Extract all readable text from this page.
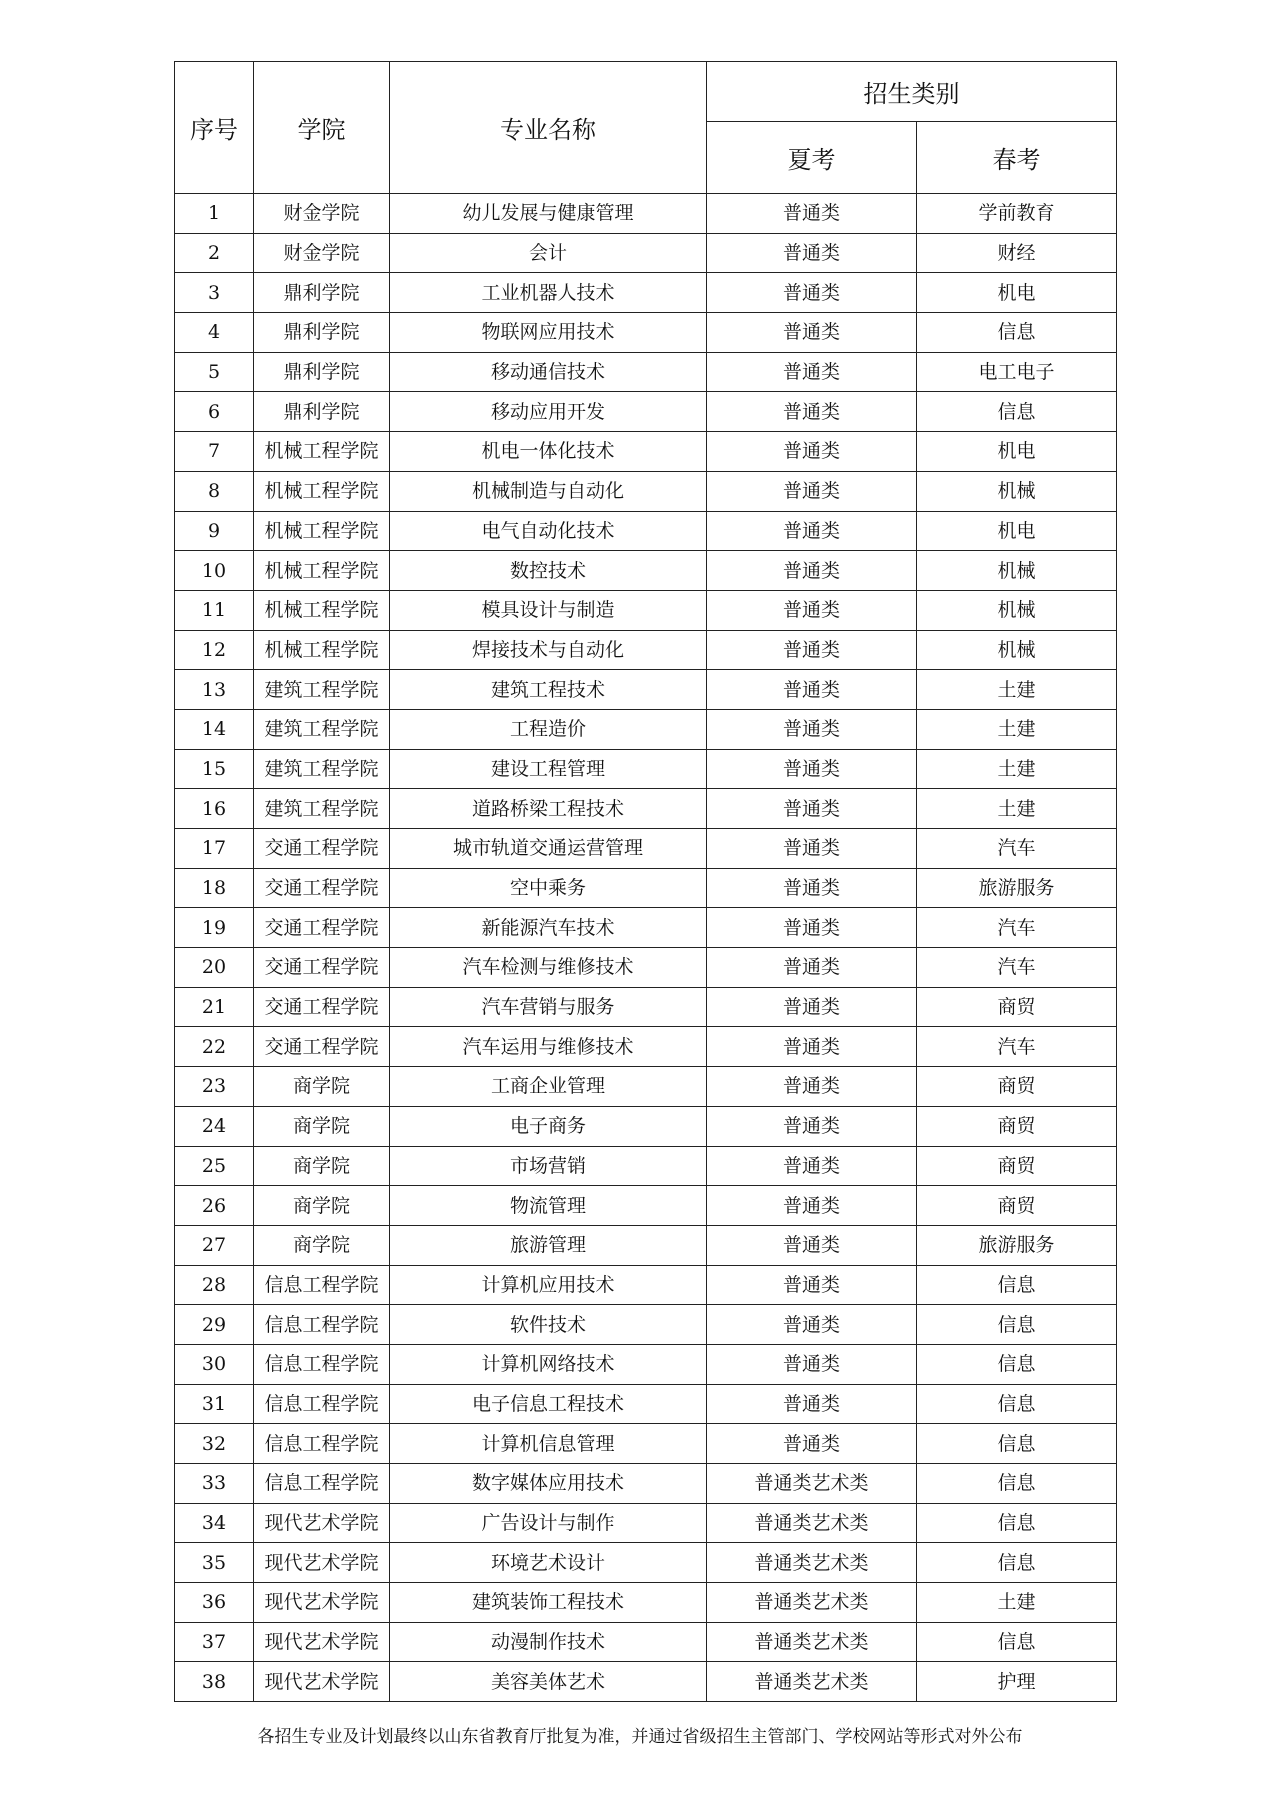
序号	学院	专业名称	招生类别	
			夏考	春考
1	财金学院	幼儿发展与健康管理	普通类	学前教育
2	财金学院	会计	普通类	财经
3	鼎利学院	工业机器人技术	普通类	机电
4	鼎利学院	物联网应用技术	普通类	信息
5	鼎利学院	移动通信技术	普通类	电工电子
6	鼎利学院	移动应用开发	普通类	信息
7	机械工程学院	机电一体化技术	普通类	机电
8	机械工程学院	机械制造与自动化	普通类	机械
9	机械工程学院	电气自动化技术	普通类	机电
10	机械工程学院	数控技术	普通类	机械
11	机械工程学院	模具设计与制造	普通类	机械
12	机械工程学院	焊接技术与自动化	普通类	机械
13	建筑工程学院	建筑工程技术	普通类	土建
14	建筑工程学院	工程造价	普通类	土建
15	建筑工程学院	建设工程管理	普通类	土建
16	建筑工程学院	道路桥梁工程技术	普通类	土建
17	交通工程学院	城市轨道交通运营管理	普通类	汽车
18	交通工程学院	空中乘务	普通类	旅游服务
19	交通工程学院	新能源汽车技术	普通类	汽车
20	交通工程学院	汽车检测与维修技术	普通类	汽车
21	交通工程学院	汽车营销与服务	普通类	商贸
22	交通工程学院	汽车运用与维修技术	普通类	汽车
23	商学院	工商企业管理	普通类	商贸
24	商学院	电子商务	普通类	商贸
25	商学院	市场营销	普通类	商贸
26	商学院	物流管理	普通类	商贸
27	商学院	旅游管理	普通类	旅游服务
28	信息工程学院	计算机应用技术	普通类	信息
29	信息工程学院	软件技术	普通类	信息
30	信息工程学院	计算机网络技术	普通类	信息
31	信息工程学院	电子信息工程技术	普通类	信息
32	信息工程学院	计算机信息管理	普通类	信息
33	信息工程学院	数字媒体应用技术	普通类艺术类	信息
34	现代艺术学院	广告设计与制作	普通类艺术类	信息
35	现代艺术学院	环境艺术设计	普通类艺术类	信息
36	现代艺术学院	建筑装饰工程技术	普通类艺术类	土建
37	现代艺术学院	动漫制作技术	普通类艺术类	信息
38	现代艺术学院	美容美体艺术	普通类艺术类	护理
各招生专业及计划最终以山东省教育厅批复为准，并通过省级招生主管部门、学校网站等形式对外公布
